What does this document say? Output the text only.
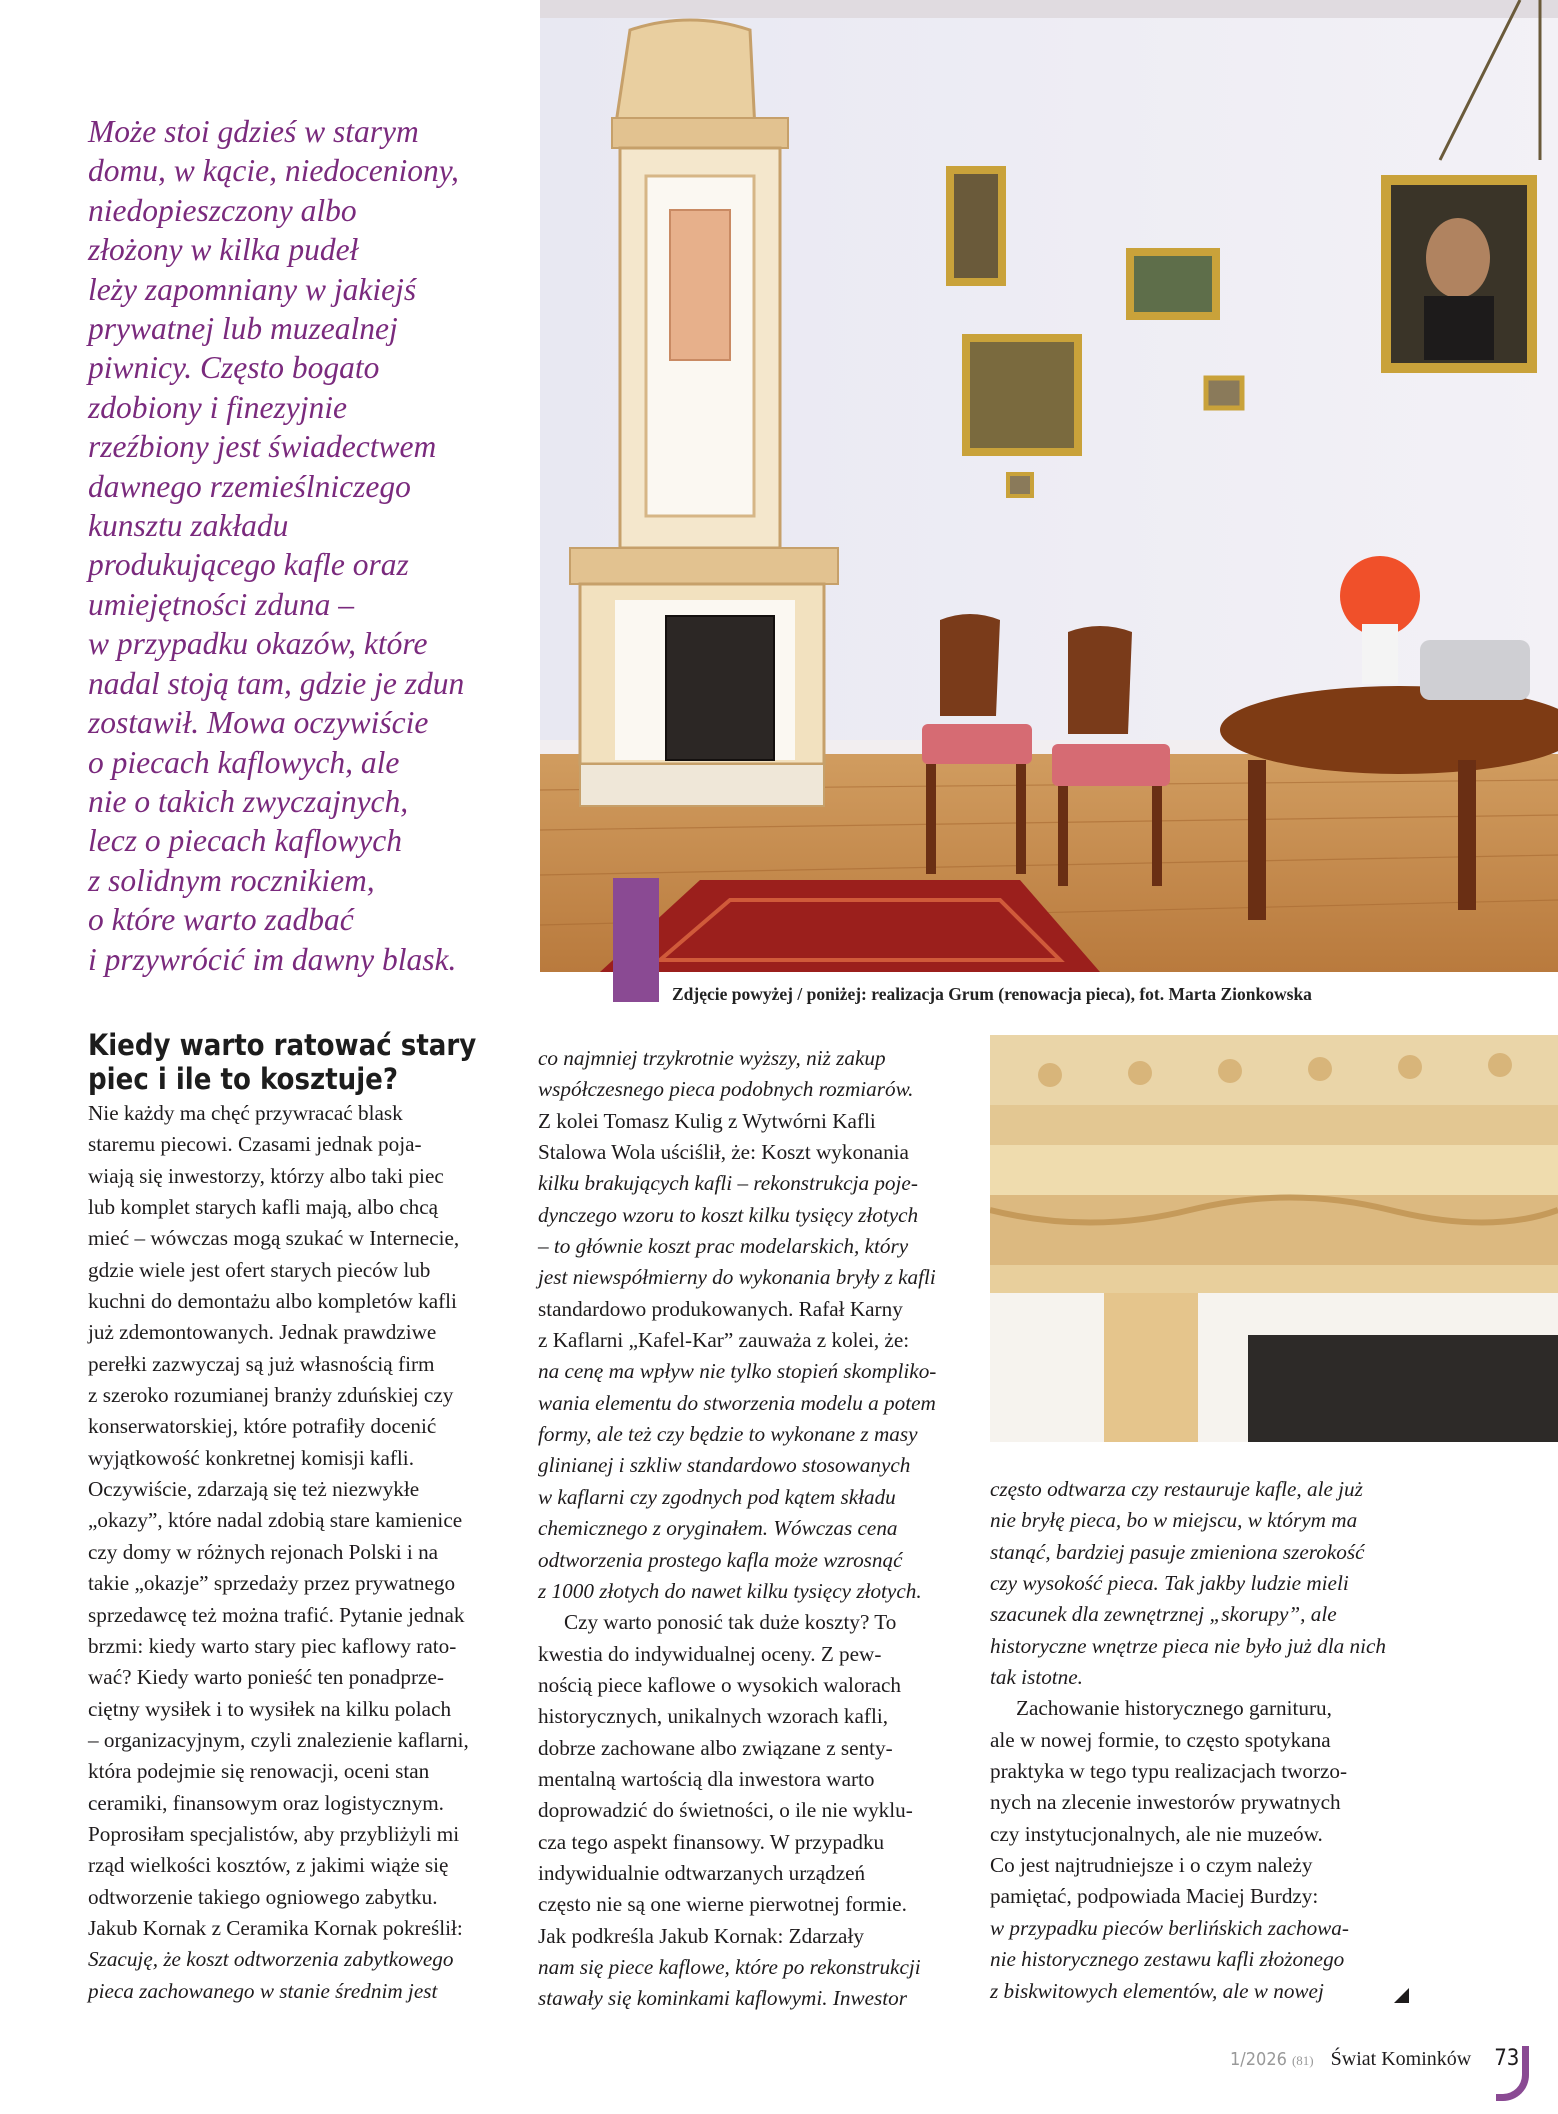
Może stoi gdzieś w starym
domu, w kącie, niedoceniony,
niedopieszczony albo
złożony w kilka pudeł
leży zapomniany w jakiejś
prywatnej lub muzealnej
piwnicy. Często bogato
zdobiony i finezyjnie
rzeźbiony jest świadectwem
dawnego rzemieślniczego
kunsztu zakładu
produkującego kafle oraz
umiejętności zduna –
w przypadku okazów, które
nadal stoją tam, gdzie je zdun
zostawił. Mowa oczywiście
o piecach kaflowych, ale
nie o takich zwyczajnych,
lecz o piecach kaflowych
z solidnym rocznikiem,
o które warto zadbać
i przywrócić im dawny blask.
Zdjęcie powyżej / poniżej: realizacja Grum (renowacja pieca), fot. Marta Zionkowska
Kiedy warto ratować stary
piec i ile to kosztuje?
Nie każdy ma chęć przywracać blask
staremu piecowi. Czasami jednak poja-
wiają się inwestorzy, którzy albo taki piec
lub komplet starych kafli mają, albo chcą
mieć – wówczas mogą szukać w Internecie,
gdzie wiele jest ofert starych pieców lub
kuchni do demontażu albo kompletów kafli
już zdemontowanych. Jednak prawdziwe
perełki zazwyczaj są już własnością firm
z szeroko rozumianej branży zduńskiej czy
konserwatorskiej, które potrafiły docenić
wyjątkowość konkretnej komisji kafli.
Oczywiście, zdarzają się też niezwykłe
„okazy”, które nadal zdobią stare kamienice
czy domy w różnych rejonach Polski i na
takie „okazje” sprzedaży przez prywatnego
sprzedawcę też można trafić. Pytanie jednak
brzmi: kiedy warto stary piec kaflowy rato-
wać? Kiedy warto ponieść ten ponadprze-
ciętny wysiłek i to wysiłek na kilku polach
– organizacyjnym, czyli znalezienie kaflarni,
która podejmie się renowacji, oceni stan
ceramiki, finansowym oraz logistycznym.
Poprosiłam specjalistów, aby przybliżyli mi
rząd wielkości kosztów, z jakimi wiąże się
odtworzenie takiego ogniowego zabytku.
Jakub Kornak z Ceramika Kornak pokreślił:
Szacuję, że koszt odtworzenia zabytkowego
pieca zachowanego w stanie średnim jest
co najmniej trzykrotnie wyższy, niż zakup
współczesnego pieca podobnych rozmiarów.
Z kolei Tomasz Kulig z Wytwórni Kafli
Stalowa Wola uściślił, że: Koszt wykonania
kilku brakujących kafli – rekonstrukcja poje-
dynczego wzoru to koszt kilku tysięcy złotych
– to głównie koszt prac modelarskich, który
jest niewspółmierny do wykonania bryły z kafli
standardowo produkowanych. Rafał Karny
z Kaflarni „Kafel-Kar” zauważa z kolei, że:
na cenę ma wpływ nie tylko stopień skomplikо-
wania elementu do stworzenia modelu a potem
formy, ale też czy będzie to wykonane z masy
glinianej i szkliw standardowo stosowanych
w kaflarni czy zgodnych pod kątem składu
chemicznego z oryginałem. Wówczas cena
odtworzenia prostego kafla może wzrosnąć
z 1000 złotych do nawet kilku tysięcy złotych.
Czy warto ponosić tak duże koszty? To
kwestia do indywidualnej oceny. Z pew-
nością piece kaflowe o wysokich walorach
historycznych, unikalnych wzorach kafli,
dobrze zachowane albo związane z senty-
mentalną wartością dla inwestora warto
doprowadzić do świetności, o ile nie wyklu-
cza tego aspekt finansowy. W przypadku
indywidualnie odtwarzanych urządzeń
często nie są one wierne pierwotnej formie.
Jak podkreśla Jakub Kornak: Zdarzały
nam się piece kaflowe, które po rekonstrukcji
stawały się kominkami kaflowymi. Inwestor
często odtwarza czy restauruje kafle, ale już
nie bryłę pieca, bo w miejscu, w którym ma
stanąć, bardziej pasuje zmieniona szerokość
czy wysokość pieca. Tak jakby ludzie mieli
szacunek dla zewnętrznej „skorupy”, ale
historyczne wnętrze pieca nie było już dla nich
tak istotne.
Zachowanie historycznego garnituru,
ale w nowej formie, to często spotykana
praktyka w tego typu realizacjach tworzo-
nych na zlecenie inwestorów prywatnych
czy instytucjonalnych, ale nie muzeów.
Co jest najtrudniejsze i o czym należy
pamiętać, podpowiada Maciej Burdzy:
w przypadku pieców berlińskich zachowa-
nie historycznego zestawu kafli złożonego
z biskwitowych elementów, ale w nowej
1/2026 (81) Świat Kominków 73
